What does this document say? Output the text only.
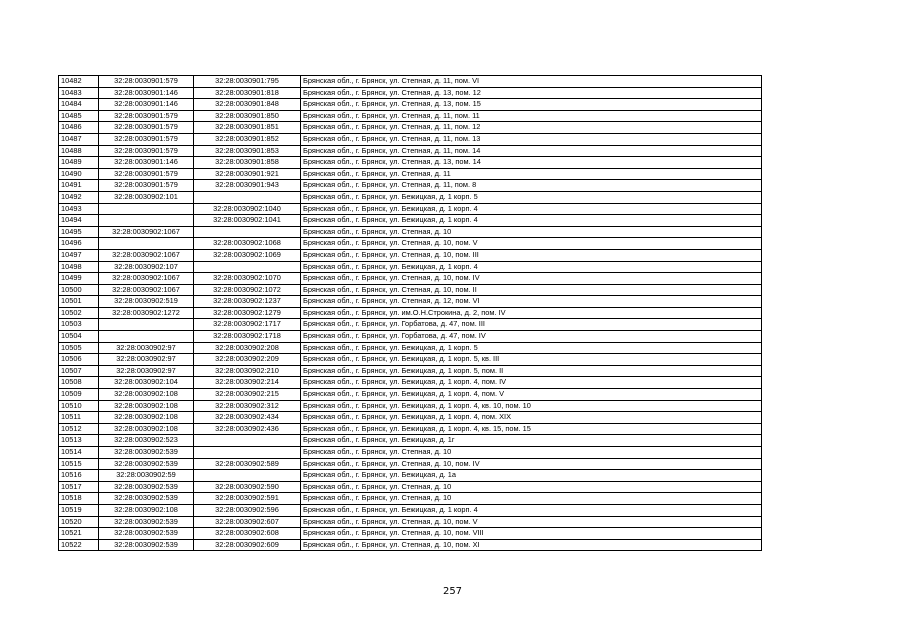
10482	32:28:0030901:579	32:28:0030901:795	Брянская обл., г. Брянск, ул. Степная, д. 11, пом. VI
10483	32:28:0030901:146	32:28:0030901:818	Брянская обл., г. Брянск, ул. Степная, д. 13, пом. 12
10484	32:28:0030901:146	32:28:0030901:848	Брянская обл., г. Брянск, ул. Степная, д. 13, пом. 15
10485	32:28:0030901:579	32:28:0030901:850	Брянская обл., г. Брянск, ул. Степная, д. 11, пом. 11
10486	32:28:0030901:579	32:28:0030901:851	Брянская обл., г. Брянск, ул. Степная, д. 11, пом. 12
10487	32:28:0030901:579	32:28:0030901:852	Брянская обл., г. Брянск, ул. Степная, д. 11, пом. 13
10488	32:28:0030901:579	32:28:0030901:853	Брянская обл., г. Брянск, ул. Степная, д. 11, пом. 14
10489	32:28:0030901:146	32:28:0030901:858	Брянская обл., г. Брянск, ул. Степная, д. 13, пом. 14
10490	32:28:0030901:579	32:28:0030901:921	Брянская обл., г. Брянск, ул. Степная, д. 11
10491	32:28:0030901:579	32:28:0030901:943	Брянская обл., г. Брянск, ул. Степная, д. 11, пом. 8
10492	32:28:0030902:101		Брянская обл., г. Брянск, ул. Бежицкая, д. 1 корп. 5
10493		32:28:0030902:1040	Брянская обл., г. Брянск, ул. Бежицкая, д. 1 корп. 4
10494		32:28:0030902:1041	Брянская обл., г. Брянск, ул. Бежицкая, д. 1 корп. 4
10495	32:28:0030902:1067		Брянская обл., г. Брянск, ул. Степная, д. 10
10496		32:28:0030902:1068	Брянская обл., г. Брянск, ул. Степная, д. 10, пом. V
10497	32:28:0030902:1067	32:28:0030902:1069	Брянская обл., г. Брянск, ул. Степная, д. 10, пом. III
10498	32:28:0030902:107		Брянская обл., г. Брянск, ул. Бежицкая, д. 1 корп. 4
10499	32:28:0030902:1067	32:28:0030902:1070	Брянская обл., г. Брянск, ул. Степная, д. 10, пом. IV
10500	32:28:0030902:1067	32:28:0030902:1072	Брянская обл., г. Брянск, ул. Степная, д. 10, пом. II
10501	32:28:0030902:519	32:28:0030902:1237	Брянская обл., г. Брянск, ул. Степная, д. 12, пом. VI
10502	32:28:0030902:1272	32:28:0030902:1279	Брянская обл., г. Брянск, ул. им.О.Н.Строкина, д. 2, пом. IV
10503		32:28:0030902:1717	Брянская обл., г. Брянск, ул. Горбатова, д. 47, пом. III
10504		32:28:0030902:1718	Брянская обл., г. Брянск, ул. Горбатова, д. 47, пом. IV
10505	32:28:0030902:97	32:28:0030902:208	Брянская обл., г. Брянск, ул. Бежицкая, д. 1 корп. 5
10506	32:28:0030902:97	32:28:0030902:209	Брянская обл., г. Брянск, ул. Бежицкая, д. 1 корп. 5, кв. III
10507	32:28:0030902:97	32:28:0030902:210	Брянская обл., г. Брянск, ул. Бежицкая, д. 1 корп. 5, пом. II
10508	32:28:0030902:104	32:28:0030902:214	Брянская обл., г. Брянск, ул. Бежицкая, д. 1 корп. 4, пом. IV
10509	32:28:0030902:108	32:28:0030902:215	Брянская обл., г. Брянск, ул. Бежицкая, д. 1 корп. 4, пом. V
10510	32:28:0030902:108	32:28:0030902:312	Брянская обл., г. Брянск, ул. Бежицкая, д. 1 корп. 4, кв. 10, пом. 10
10511	32:28:0030902:108	32:28:0030902:434	Брянская обл., г. Брянск, ул. Бежицкая, д. 1 корп. 4, пом. XIX
10512	32:28:0030902:108	32:28:0030902:436	Брянская обл., г. Брянск, ул. Бежицкая, д. 1 корп. 4, кв. 15, пом. 15
10513	32:28:0030902:523		Брянская обл., г. Брянск, ул. Бежицкая, д. 1г
10514	32:28:0030902:539		Брянская обл., г. Брянск, ул. Степная, д. 10
10515	32:28:0030902:539	32:28:0030902:589	Брянская обл., г. Брянск, ул. Степная, д. 10, пом. IV
10516	32:28:0030902:59		Брянская обл., г. Брянск, ул. Бежицкая, д. 1а
10517	32:28:0030902:539	32:28:0030902:590	Брянская обл., г. Брянск, ул. Степная, д. 10
10518	32:28:0030902:539	32:28:0030902:591	Брянская обл., г. Брянск, ул. Степная, д. 10
10519	32:28:0030902:108	32:28:0030902:596	Брянская обл., г. Брянск, ул. Бежицкая, д. 1 корп. 4
10520	32:28:0030902:539	32:28:0030902:607	Брянская обл., г. Брянск, ул. Степная, д. 10, пом. V
10521	32:28:0030902:539	32:28:0030902:608	Брянская обл., г. Брянск, ул. Степная, д. 10, пом. VIII
10522	32:28:0030902:539	32:28:0030902:609	Брянская обл., г. Брянск, ул. Степная, д. 10, пом. XI
257
